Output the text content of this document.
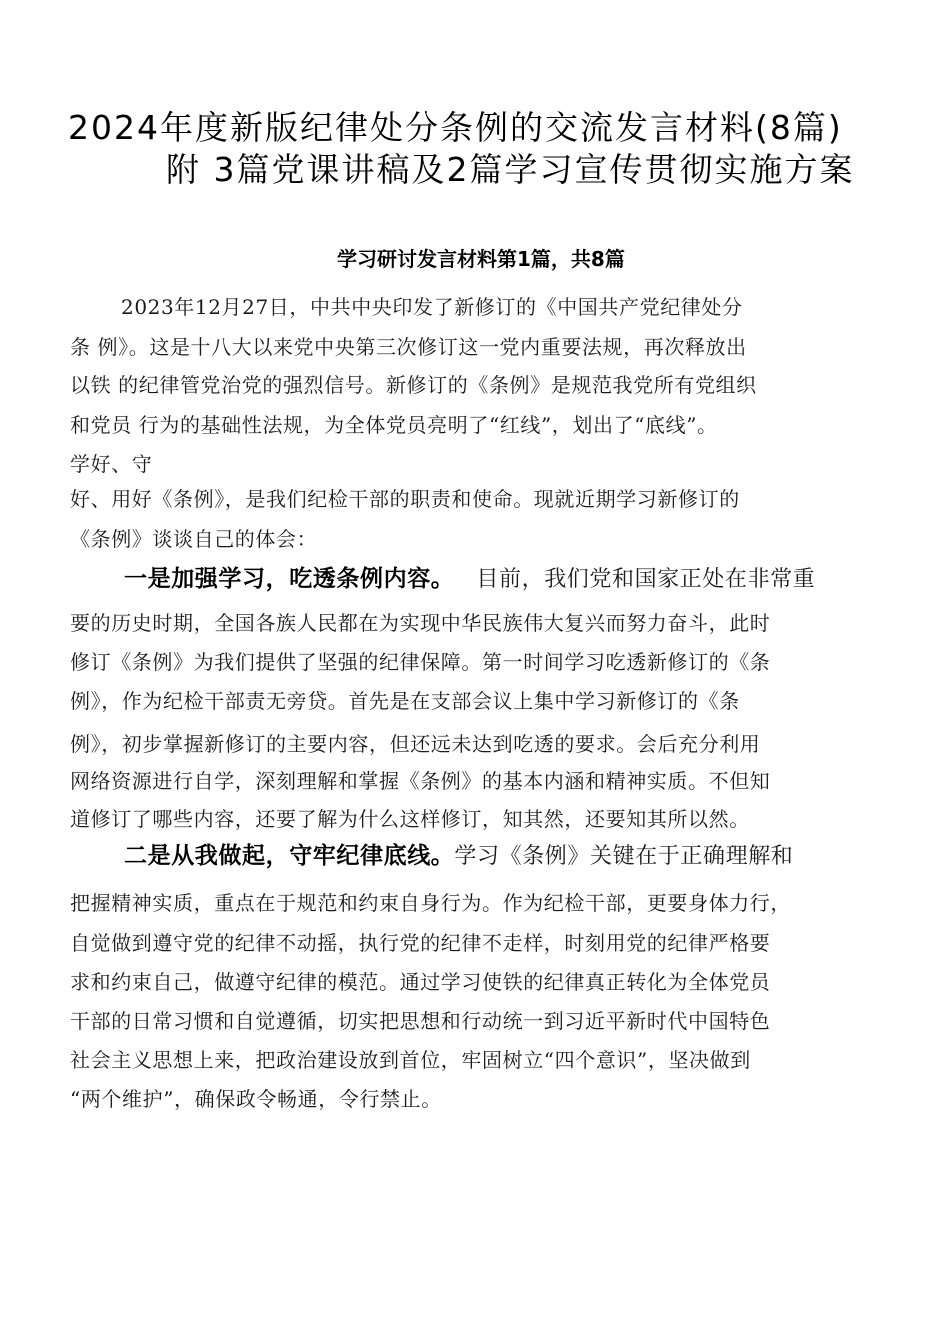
2024年度新版纪律处分条例的交流发言材料(8篇)
附 3篇党课讲稿及2篇学习宣传贯彻实施方案
学习研讨发言材料第1篇，共8篇
2023年12月27日，中共中央印发了新修订的《中国共产党纪律处分
条 例》。这是十八大以来党中央第三次修订这一党内重要法规，再次释放出
以铁 的纪律管党治党的强烈信号。新修订的《条例》是规范我党所有党组织
和党员 行为的基础性法规，为全体党员亮明了“红线”，划出了“底线”。
学好、守
好、用好《条例》，是我们纪检干部的职责和使命。现就近期学习新修订的
《条例》谈谈自己的体会：
一是加强学习，吃透条例内容。 目前，我们党和国家正处在非常重
要的历史时期，全国各族人民都在为实现中华民族伟大复兴而努力奋斗，此时
修订《条例》为我们提供了坚强的纪律保障。第一时间学习吃透新修订的《条
例》，作为纪检干部责无旁贷。首先是在支部会议上集中学习新修订的《条
例》，初步掌握新修订的主要内容，但还远未达到吃透的要求。会后充分利用
网络资源进行自学，深刻理解和掌握《条例》的基本内涵和精神实质。不但知
道修订了哪些内容，还要了解为什么这样修订，知其然，还要知其所以然。
二是从我做起，守牢纪律底线。学习《条例》关键在于正确理解和
把握精神实质，重点在于规范和约束自身行为。作为纪检干部，更要身体力行，
自觉做到遵守党的纪律不动摇，执行党的纪律不走样，时刻用党的纪律严格要
求和约束自己，做遵守纪律的模范。通过学习使铁的纪律真正转化为全体党员
干部的日常习惯和自觉遵循，切实把思想和行动统一到习近平新时代中国特色
社会主义思想上来，把政治建设放到首位，牢固树立“四个意识”，坚决做到
“两个维护”，确保政令畅通，令行禁止。
